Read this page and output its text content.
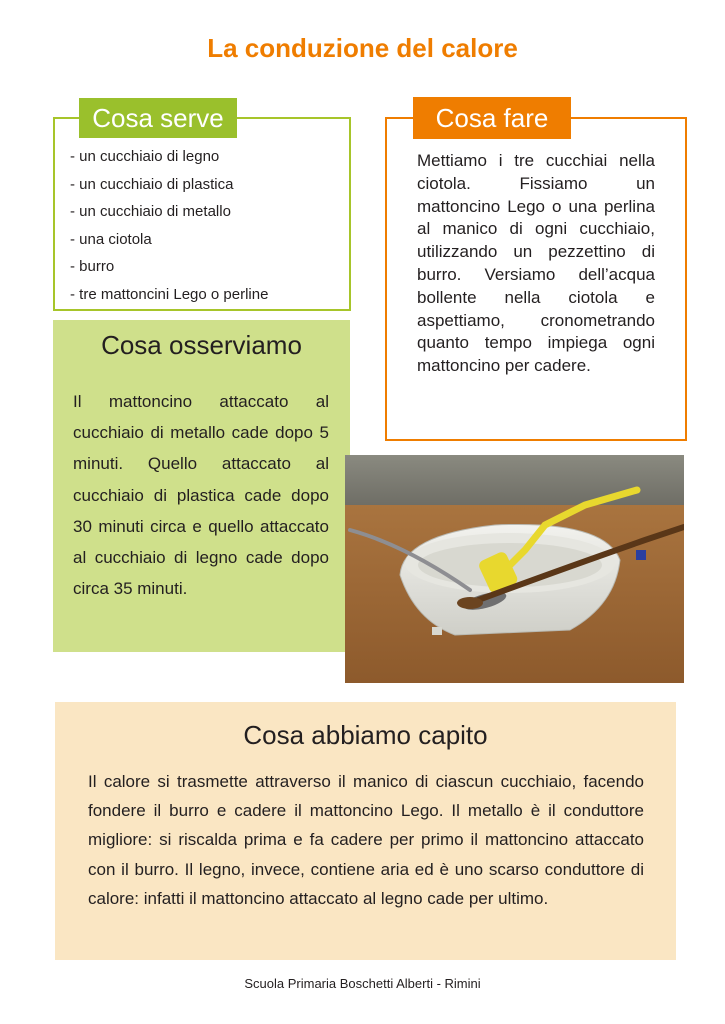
La conduzione del calore
Cosa serve
- un cucchiaio di legno
- un cucchiaio di plastica
- un cucchiaio di metallo
- una ciotola
- burro
- tre mattoncini Lego o perline
Cosa fare
Mettiamo i tre cucchiai nella ciotola. Fissiamo un mattoncino Lego o una perlina al manico di ogni cucchiaio, utilizzando un pezzettino di burro. Versiamo dell’acqua bollente nella ciotola e aspettiamo, cronometrando quanto tempo impiega ogni mattoncino per cadere.
Cosa osserviamo
Il mattoncino attaccato al cucchiaio di metallo cade dopo 5 minuti. Quello attaccato al cucchiaio di plastica cade dopo 30 minuti circa e quello attaccato al cucchiaio di legno cade dopo circa 35 minuti.
Cosa abbiamo capito
Il calore si trasmette attraverso il manico di ciascun cucchiaio, facendo fondere il burro e cadere il mattoncino Lego. Il metallo è il conduttore migliore: si riscalda prima e fa cadere per primo il mattoncino attaccato con il burro. Il legno, invece, contiene aria ed è uno scarso conduttore di calore: infatti il mattoncino attaccato al legno cade per ultimo.
Scuola Primaria Boschetti Alberti - Rimini
